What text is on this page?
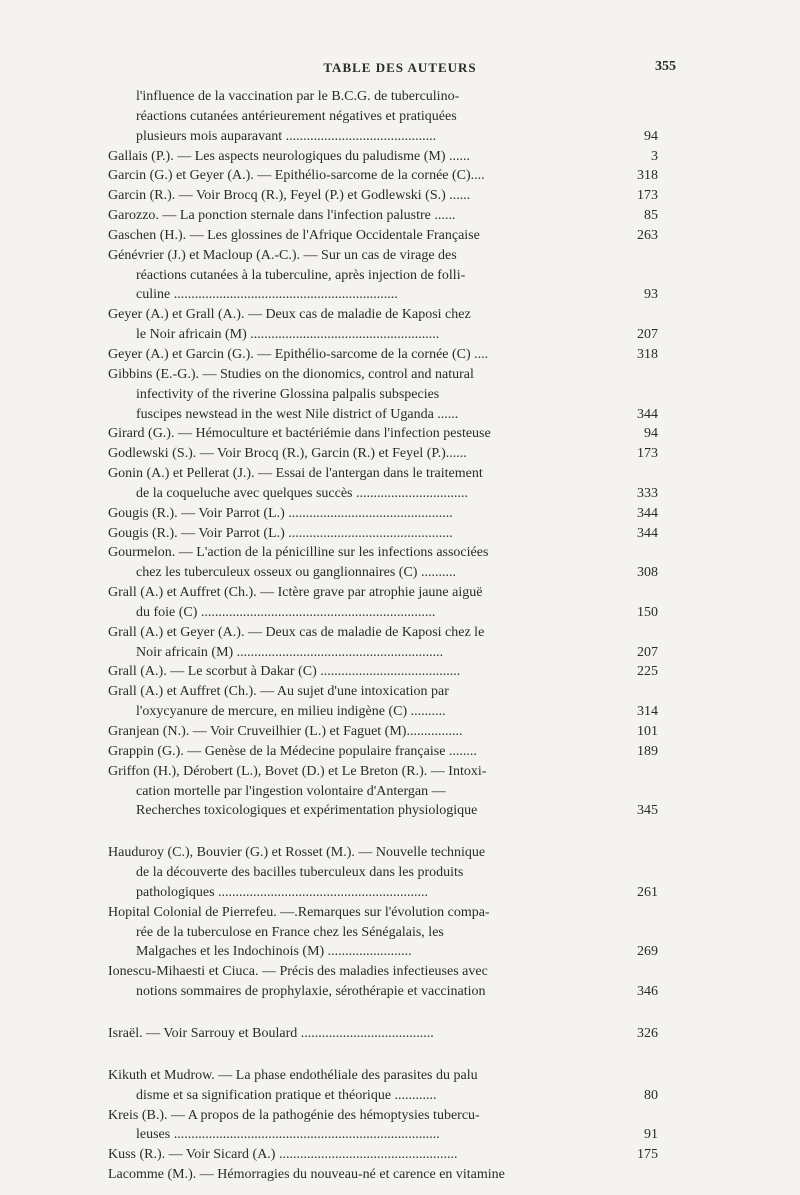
TABLE DES AUTEURS	355
l'influence de la vaccination par le B.C.G. de tuberculino-
réactions cutanées antérieurement négatives et pratiquées
plusieurs mois auparavant ...........................................	94
Gallais (P.). — Les aspects neurologiques du paludisme (M) ......	3
Garcin (G.) et Geyer (A.). — Epithélio-sarcome de la cornée (C)....	318
Garcin (R.). — Voir Brocq (R.), Feyel (P.) et Godlewski (S.) ......	173
Garozzo. — La ponction sternale dans l'infection palustre ......	85
Gaschen (H.). — Les glossines de l'Afrique Occidentale Française	263
Génévrier (J.) et Macloup (A.-C.). — Sur un cas de virage des
réactions cutanées à la tuberculine, après injection de folli-
culine ................................................................	93
Geyer (A.) et Grall (A.). — Deux cas de maladie de Kaposi chez
le Noir africain (M) ......................................................	207
Geyer (A.) et Garcin (G.). — Epithélio-sarcome de la cornée (C) ....	318
Gibbins (E.-G.). — Studies on the dionomics, control and natural
infectivity of the riverine Glossina palpalis subspecies
fuscipes newstead in the west Nile district of Uganda ......	344
Girard (G.). — Hémoculture et bactériémie dans l'infection pesteuse	94
Godlewski (S.). — Voir Brocq (R.), Garcin (R.) et Feyel (P.)......	173
Gonin (A.) et Pellerat (J.). — Essai de l'antergan dans le traitement
de la coqueluche avec quelques succès ................................	333
Gougis (R.). — Voir Parrot (L.) ...............................................	344
Gougis (R.). — Voir Parrot (L.) ...............................................	344
Gourmelon. — L'action de la pénicilline sur les infections associées
chez les tuberculeux osseux ou ganglionnaires (C) ..........	308
Grall (A.) et Auffret (Ch.). — Ictère grave par atrophie jaune aiguë
du foie (C) ...................................................................	150
Grall (A.) et Geyer (A.). — Deux cas de maladie de Kaposi chez le
Noir africain (M) ...........................................................	207
Grall (A.). — Le scorbut à Dakar (C) ........................................	225
Grall (A.) et Auffret (Ch.). — Au sujet d'une intoxication par
l'oxycyanure de mercure, en milieu indigène (C) ..........	314
Granjean (N.). — Voir Cruveilhier (L.) et Faguet (M)................	101
Grappin (G.). — Genèse de la Médecine populaire française ........	189
Griffon (H.), Dérobert (L.), Bovet (D.) et Le Breton (R.). — Intoxi-
cation mortelle par l'ingestion volontaire d'Antergan —
Recherches toxicologiques et expérimentation physiologique	345
Hauduroy (C.), Bouvier (G.) et Rosset (M.). — Nouvelle technique
de la découverte des bacilles tuberculeux dans les produits
pathologiques ............................................................	261
Hopital Colonial de Pierrefeu. —.Remarques sur l'évolution compa-
rée de la tuberculose en France chez les Sénégalais, les
Malgaches et les Indochinois (M) ........................	269
Ionescu-Mihaesti et Ciuca. — Précis des maladies infectieuses avec
notions sommaires de prophylaxie, sérothérapie et vaccination	346
Israël. — Voir Sarrouy et Boulard ......................................	326
Kikuth et Mudrow. — La phase endothéliale des parasites du palu
disme et sa signification pratique et théorique ............	80
Kreis (B.). — A propos de la pathogénie des hémoptysies tubercu-
leuses ............................................................................	91
Kuss (R.). — Voir Sicard (A.) ...................................................	175
Lacomme (M.). — Hémorragies du nouveau-né et carence en vitamine
